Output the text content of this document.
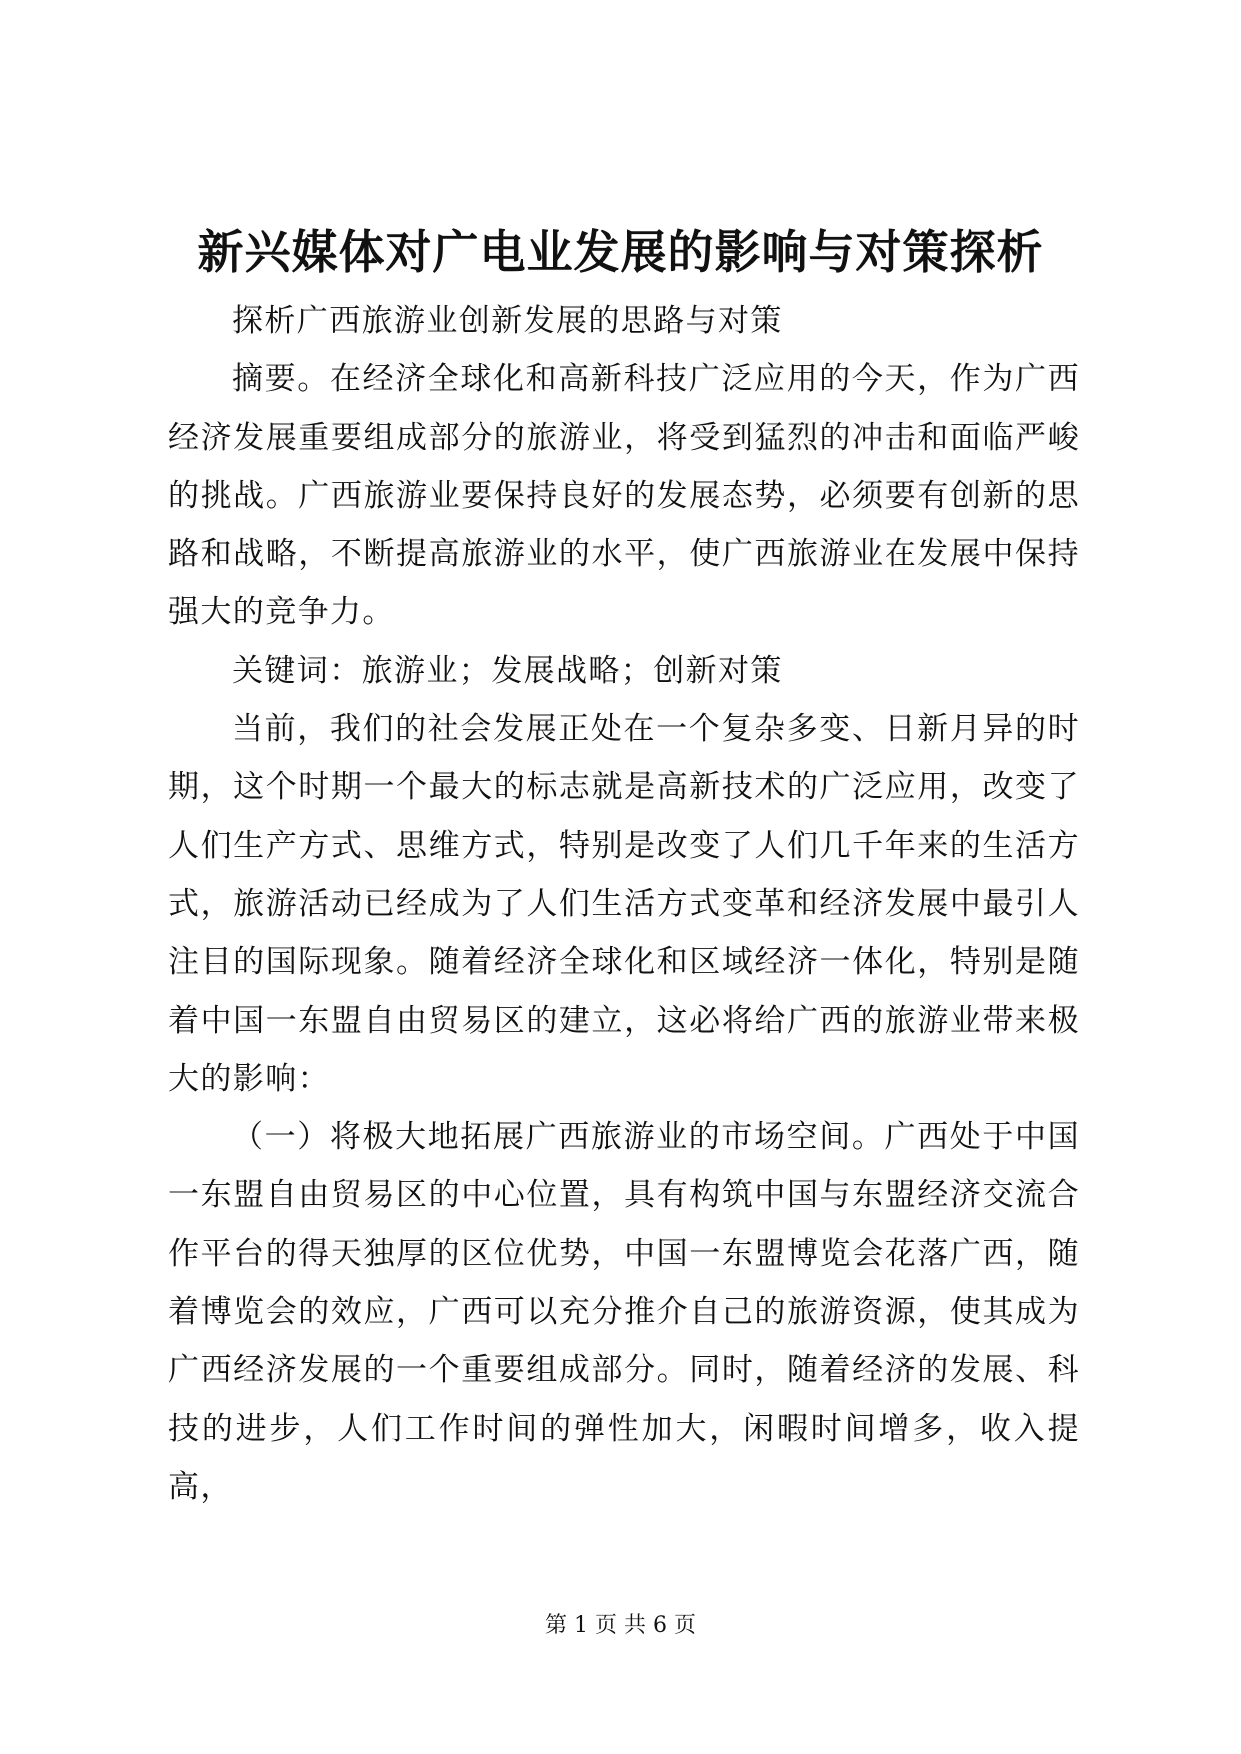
新兴媒体对广电业发展的影响与对策探析

探析广西旅游业创新发展的思路与对策

摘要。在经济全球化和高新科技广泛应用的今天，作为广西经济发展重要组成部分的旅游业，将受到猛烈的冲击和面临严峻的挑战。广西旅游业要保持良好的发展态势，必须要有创新的思路和战略，不断提高旅游业的水平，使广西旅游业在发展中保持强大的竞争力。

关键词：旅游业；发展战略；创新对策

当前，我们的社会发展正处在一个复杂多变、日新月异的时期，这个时期一个最大的标志就是高新技术的广泛应用，改变了人们生产方式、思维方式，特别是改变了人们几千年来的生活方式，旅游活动已经成为了人们生活方式变革和经济发展中最引人注目的国际现象。随着经济全球化和区域经济一体化，特别是随着中国一东盟自由贸易区的建立，这必将给广西的旅游业带来极大的影响：

（一）将极大地拓展广西旅游业的市场空间。广西处于中国一东盟自由贸易区的中心位置，具有构筑中国与东盟经济交流合作平台的得天独厚的区位优势，中国一东盟博览会花落广西，随着博览会的效应，广西可以充分推介自己的旅游资源，使其成为广西经济发展的一个重要组成部分。同时，随着经济的发展、科技的进步，人们工作时间的弹性加大，闲暇时间增多，收入提高，

第 1 页 共 6 页
